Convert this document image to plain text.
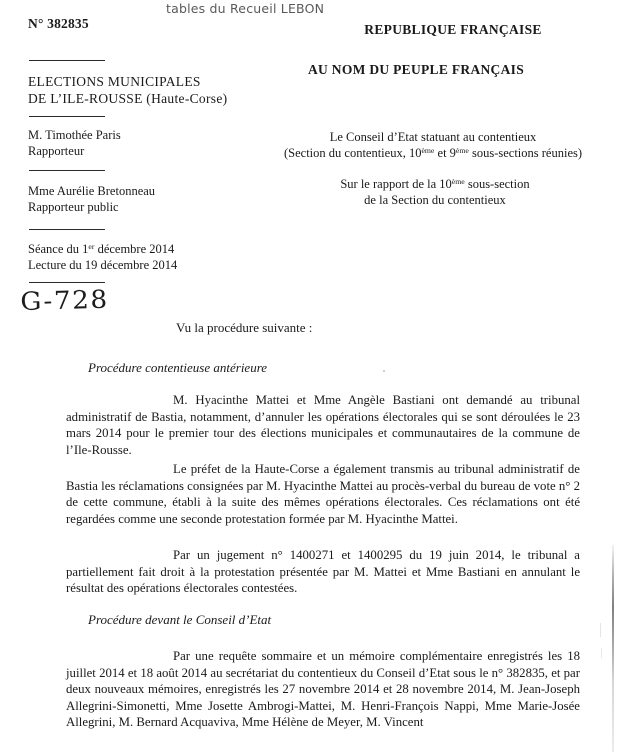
tables du Recueil LEBON
N° 382835
ELECTIONS MUNICIPALES
DE L’ILE-ROUSSE (Haute-Corse)
M. Timothée Paris
Rapporteur
Mme Aurélie Bretonneau
Rapporteur public
Séance du 1er décembre 2014
Lecture du 19 décembre 2014
G-728
REPUBLIQUE FRANÇAISE
AU NOM DU PEUPLE FRANÇAIS
Le Conseil d’Etat statuant au contentieux
(Section du contentieux, 10ème et 9ème sous-sections réunies)
Sur le rapport de la 10ème sous-section
de la Section du contentieux
Vu la procédure suivante :
Procédure contentieuse antérieure
M. Hyacinthe Mattei et Mme Angèle Bastiani ont demandé au tribunal administratif de Bastia, notamment, d’annuler les opérations électorales qui se sont déroulées le 23 mars 2014 pour le premier tour des élections municipales et communautaires de la commune de l’Ile-Rousse.
Le préfet de la Haute-Corse a également transmis au tribunal administratif de Bastia les réclamations consignées par M. Hyacinthe Mattei au procès-verbal du bureau de vote n° 2 de cette commune, établi à la suite des mêmes opérations électorales. Ces réclamations ont été regardées comme une seconde protestation formée par M. Hyacinthe Mattei.
Par un jugement n° 1400271 et 1400295 du 19 juin 2014, le tribunal a partiellement fait droit à la protestation présentée par M. Mattei et Mme Bastiani en annulant le résultat des opérations électorales contestées.
Procédure devant le Conseil d’Etat
Par une requête sommaire et un mémoire complémentaire enregistrés les 18 juillet 2014 et 18 août 2014 au secrétariat du contentieux du Conseil d’Etat sous le n° 382835, et par deux nouveaux mémoires, enregistrés les 27 novembre 2014 et 28 novembre 2014, M. Jean-Joseph Allegrini-Simonetti, Mme Josette Ambrogi-Mattei, M. Henri-François Nappi, Mme Marie-Josée Allegrini, M. Bernard Acquaviva, Mme Hélène de Meyer, M. Vincent
